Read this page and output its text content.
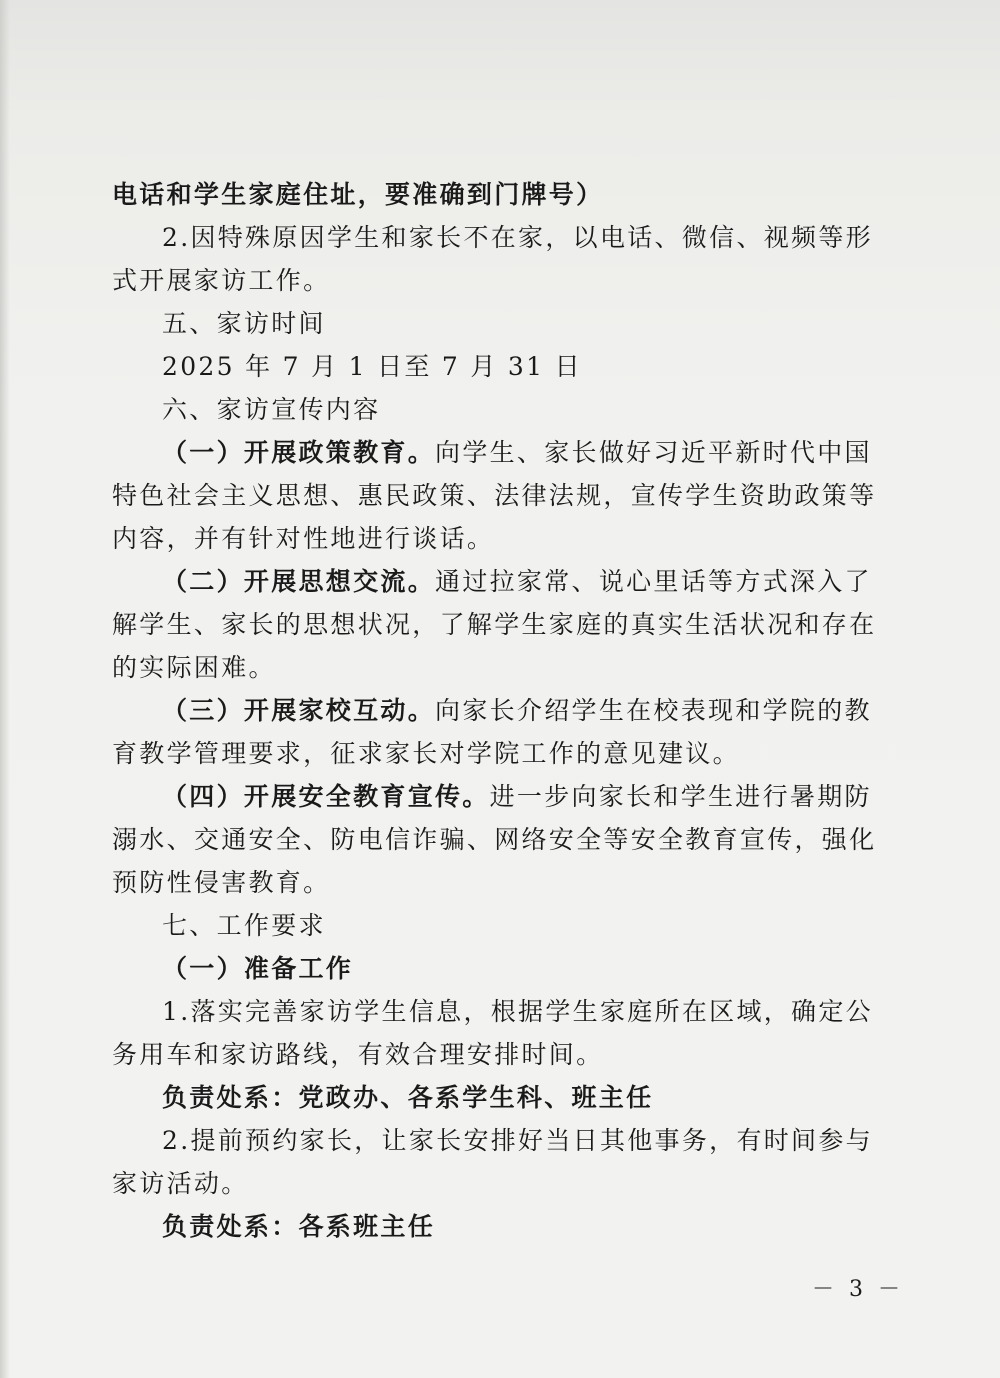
电话和学生家庭住址，要准确到门牌号）
2.因特殊原因学生和家长不在家，以电话、微信、视频等形
式开展家访工作。
五、家访时间
2025 年 7 月 1 日至 7 月 31 日
六、家访宣传内容
（一）开展政策教育。向学生、家长做好习近平新时代中国
特色社会主义思想、惠民政策、法律法规，宣传学生资助政策等
内容，并有针对性地进行谈话。
（二）开展思想交流。通过拉家常、说心里话等方式深入了
解学生、家长的思想状况，了解学生家庭的真实生活状况和存在
的实际困难。
（三）开展家校互动。向家长介绍学生在校表现和学院的教
育教学管理要求，征求家长对学院工作的意见建议。
（四）开展安全教育宣传。进一步向家长和学生进行暑期防
溺水、交通安全、防电信诈骗、网络安全等安全教育宣传，强化
预防性侵害教育。
七、工作要求
（一）准备工作
1.落实完善家访学生信息，根据学生家庭所在区域，确定公
务用车和家访路线，有效合理安排时间。
负责处系：党政办、各系学生科、班主任
2.提前预约家长，让家长安排好当日其他事务，有时间参与
家访活动。
负责处系：各系班主任
－ 3 －
